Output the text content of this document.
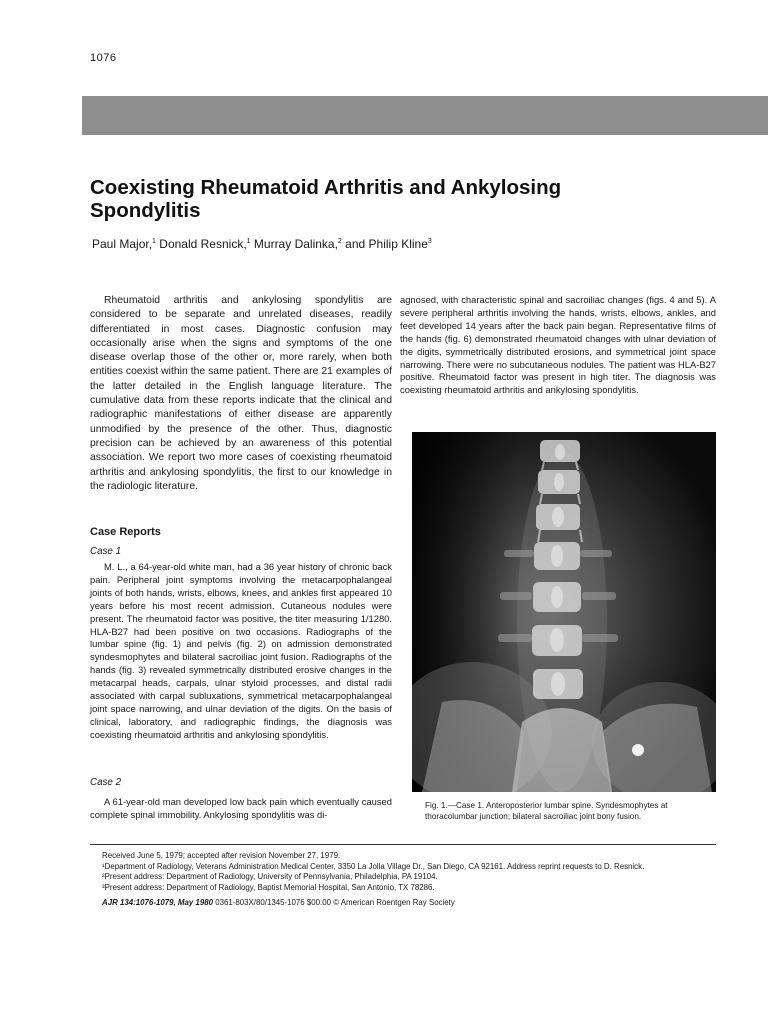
1076
Coexisting Rheumatoid Arthritis and Ankylosing Spondylitis
Paul Major,$^1$ Donald Resnick,$^1$ Murray Dalinka,$^2$ and Philip Kline$^3$

Rheumatoid arthritis and ankylosing spondylitis are considered to be separate and unrelated diseases, readily differentiated in most cases. Diagnostic confusion may occasionally arise when the signs and symptoms of the one disease overlap those of the other or, more rarely, when both entities coexist within the same patient. There are 21 examples of the latter detailed in the English language literature. The cumulative data from these reports indicate that the clinical and radiographic manifestations of either disease are apparently unmodified by the presence of the other. Thus, diagnostic precision can be achieved by an awareness of this potential association. We report two more cases of coexisting rheumatoid arthritis and ankylosing spondylitis, the first to our knowledge in the radiologic literature.

Case Reports
Case 1

M. L., a 64-year-old white man, had a 36 year history of chronic back pain. Peripheral joint symptoms involving the metacarpophalangeal joints of both hands, wrists, elbows, knees, and ankles first appeared 10 years before his most recent admission. Cutaneous nodules were present. The rheumatoid factor was positive, the titer measuring 1/1280. HLA-B27 had been positive on two occasions. Radiographs of the lumbar spine (fig. 1) and pelvis (fig. 2) on admission demonstrated syndesmophytes and bilateral sacroiliac joint fusion. Radiographs of the hands (fig. 3) revealed symmetrically distributed erosive changes in the metacarpal heads, carpals, ulnar styloid processes, and distal radii associated with carpal subluxations, symmetrical metacarpophalangeal joint space narrowing, and ulnar deviation of the digits. On the basis of clinical, laboratory, and radiographic findings, the diagnosis was coexisting rheumatoid arthritis and ankylosing spondylitis.

Case 2

A 61-year-old man developed low back pain which eventually caused complete spinal immobility. Ankylosing spondylitis was di-

agnosed, with characteristic spinal and sacroiliac changes (figs. 4 and 5). A severe peripheral arthritis involving the hands, wrists, elbows, ankles, and feet developed 14 years after the back pain began. Representative films of the hands (fig. 6) demonstrated rheumatoid changes with ulnar deviation of the digits, symmetrically distributed erosions, and symmetrical joint space narrowing. There were no subcutaneous nodules. The patient was HLA-B27 positive. Rheumatoid factor was present in high titer. The diagnosis was coexisting rheumatoid arthritis and ankylosing spondylitis.

Fig. 1.—Case 1. Anteroposterior lumbar spine. Syndesmophytes at thoracolumbar junction; bilateral sacroiliac joint bony fusion.
Received June 5, 1979; accepted after revision November 27, 1979.
¹Department of Radiology, Veterans Administration Medical Center, 3350 La Jolla Village Dr., San Diego, CA 92161. Address reprint requests to D. Resnick.
²Present address: Department of Radiology, University of Pennsylvania, Philadelphia, PA 19104.
³Present address: Department of Radiology, Baptist Memorial Hospital, San Antonio, TX 78286.
AJR 134:1076-1079, May 1980 0361-803X/80/1345-1076 $00.00 © American Roentgen Ray Society
